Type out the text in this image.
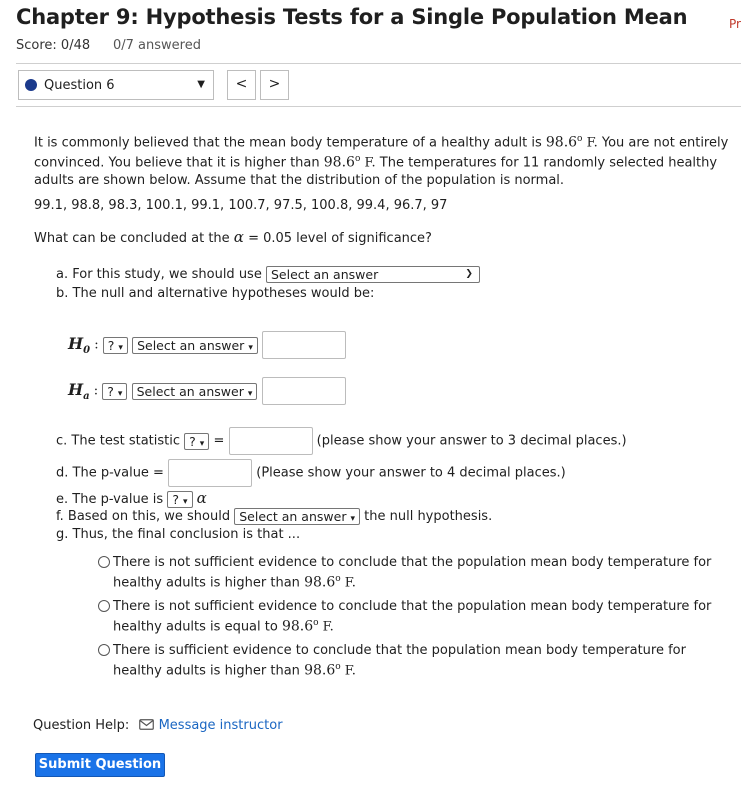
Chapter 9: Hypothesis Tests for a Single Population Mean	Pr
Score: 0/48 0/7 answered
Question 6	▼	<	>
It is commonly believed that the mean body temperature of a healthy adult is 98.6$^o$ F. You are not entirely convinced. You believe that it is higher than 98.6$^o$ F. The temperatures for 11 randomly selected healthy adults are shown below. Assume that the distribution of the population is normal.
99.1, 98.8, 98.3, 100.1, 99.1, 100.7, 97.5, 100.8, 99.4, 96.7, 97
What can be concluded at the α = 0.05 level of significance?
a. For this study, we should use Select an answer	❯
b. The null and alternative hypotheses would be:
$H_0$ : ? ▾ Select an answer ▾
$H_a$ : ? ▾ Select an answer ▾
c. The test statistic ? ▾ =	(please show your answer to 3 decimal places.)
d. The p-value =	(Please show your answer to 4 decimal places.)
e. The p-value is ? ▾ α
f. Based on this, we should Select an answer ▾ the null hypothesis.
g. Thus, the final conclusion is that ...
There is not sufficient evidence to conclude that the population mean body temperature for healthy adults is higher than 98.6$^o$ F.
There is not sufficient evidence to conclude that the population mean body temperature for healthy adults is equal to 98.6$^o$ F.
There is sufficient evidence to conclude that the population mean body temperature for healthy adults is higher than 98.6$^o$ F.
Question Help: Message instructor
Submit Question
